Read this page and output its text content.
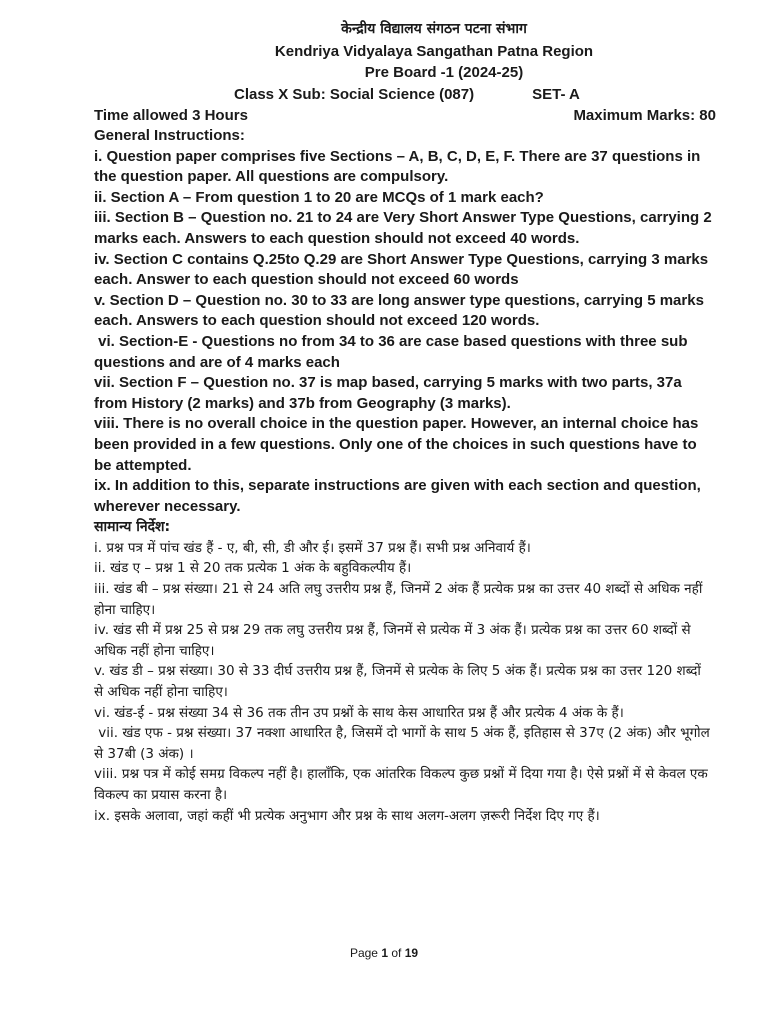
केन्द्रीय विद्यालय संगठन पटना संभाग
Kendriya Vidyalaya Sangathan Patna Region
Pre Board -1 (2024-25)
Class X Sub: Social Science (087)	SET- A
Time allowed 3 Hours	Maximum Marks: 80

General Instructions:

i. Question paper comprises five Sections – A, B, C, D, E, F. There are 37 questions in the question paper. All questions are compulsory.

ii. Section A – From question 1 to 20 are MCQs of 1 mark each?

iii. Section B – Question no. 21 to 24 are Very Short Answer Type Questions, carrying 2 marks each. Answers to each question should not exceed 40 words.

iv. Section C contains Q.25to Q.29 are Short Answer Type Questions, carrying 3 marks each. Answer to each question should not exceed 60 words

v. Section D – Question no. 30 to 33 are long answer type questions, carrying 5 marks each. Answers to each question should not exceed 120 words.

vi. Section-E - Questions no from 34 to 36 are case based questions with three sub questions and are of 4 marks each

vii. Section F – Question no. 37 is map based, carrying 5 marks with two parts, 37a from History (2 marks) and 37b from Geography (3 marks).

viii. There is no overall choice in the question paper. However, an internal choice has been provided in a few questions. Only one of the choices in such questions have to be attempted.

ix. In addition to this, separate instructions are given with each section and question, wherever necessary.

सामान्य निर्देश:

i. प्रश्न पत्र में पांच खंड हैं - ए, बी, सी, डी और ई। इसमें 37 प्रश्न हैं। सभी प्रश्न अनिवार्य हैं।

ii. खंड ए – प्रश्न 1 से 20 तक प्रत्येक 1 अंक के बहुविकल्पीय हैं।

iii. खंड बी – प्रश्न संख्या। 21 से 24 अति लघु उत्तरीय प्रश्न हैं, जिनमें 2 अंक हैं प्रत्येक प्रश्न का उत्तर 40 शब्दों से अधिक नहीं होना चाहिए।

iv. खंड सी में प्रश्न 25 से प्रश्न 29 तक लघु उत्तरीय प्रश्न हैं, जिनमें से प्रत्येक में 3 अंक हैं। प्रत्येक प्रश्न का उत्तर 60 शब्दों से अधिक नहीं होना चाहिए।

v. खंड डी – प्रश्न संख्या। 30 से 33 दीर्घ उत्तरीय प्रश्न हैं, जिनमें से प्रत्येक के लिए 5 अंक हैं। प्रत्येक प्रश्न का उत्तर 120 शब्दों से अधिक नहीं होना चाहिए।

vi. खंड-ई - प्रश्न संख्या 34 से 36 तक तीन उप प्रश्नों के साथ केस आधारित प्रश्न हैं और प्रत्येक 4 अंक के हैं।

vii. खंड एफ - प्रश्न संख्या। 37 नक्शा आधारित है, जिसमें दो भागों के साथ 5 अंक हैं, इतिहास से 37ए (2 अंक) और भूगोल से 37बी (3 अंक) ।

viii. प्रश्न पत्र में कोई समग्र विकल्प नहीं है। हालाँकि, एक आंतरिक विकल्प कुछ प्रश्नों में दिया गया है। ऐसे प्रश्नों में से केवल एक विकल्प का प्रयास करना है।

ix. इसके अलावा, जहां कहीं भी प्रत्येक अनुभाग और प्रश्न के साथ अलग-अलग ज़रूरी निर्देश दिए गए हैं।

Page 1 of 19
